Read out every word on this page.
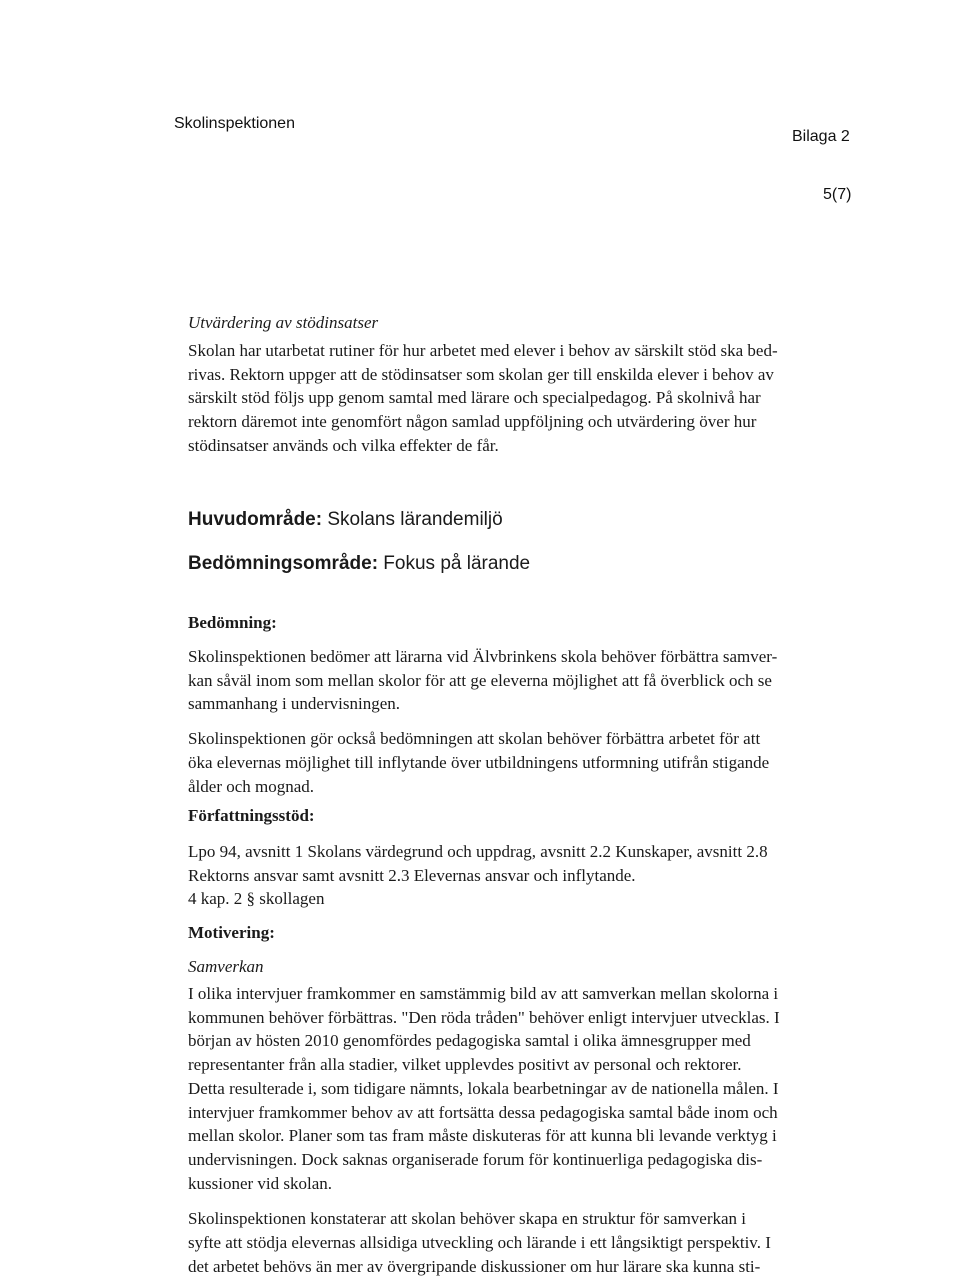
Skolinspektionen
Bilaga 2
5(7)

Utvärdering av stödinsatser

Skolan har utarbetat rutiner för hur arbetet med elever i behov av särskilt stöd ska bed-
rivas. Rektorn uppger att de stödinsatser som skolan ger till enskilda elever i behov av
särskilt stöd följs upp genom samtal med lärare och specialpedagog. På skolnivå har
rektorn däremot inte genomfört någon samlad uppföljning och utvärdering över hur
stödinsatser används och vilka effekter de får.

Huvudområde: Skolans lärandemiljö

Bedömningsområde: Fokus på lärande

Bedömning:

Skolinspektionen bedömer att lärarna vid Älvbrinkens skola behöver förbättra samver-
kan såväl inom som mellan skolor för att ge eleverna möjlighet att få överblick och se
sammanhang i undervisningen.

Skolinspektionen gör också bedömningen att skolan behöver förbättra arbetet för att
öka elevernas möjlighet till inflytande över utbildningens utformning utifrån stigande
ålder och mognad.

Författningsstöd:

Lpo 94, avsnitt 1 Skolans värdegrund och uppdrag, avsnitt 2.2 Kunskaper, avsnitt 2.8
Rektorns ansvar samt avsnitt 2.3 Elevernas ansvar och inflytande.
4 kap. 2 § skollagen

Motivering:

Samverkan

I olika intervjuer framkommer en samstämmig bild av att samverkan mellan skolorna i
kommunen behöver förbättras. "Den röda tråden" behöver enligt intervjuer utvecklas. I
början av hösten 2010 genomfördes pedagogiska samtal i olika ämnesgrupper med
representanter från alla stadier, vilket upplevdes positivt av personal och rektorer.
Detta resulterade i, som tidigare nämnts, lokala bearbetningar av de nationella målen. I
intervjuer framkommer behov av att fortsätta dessa pedagogiska samtal både inom och
mellan skolor. Planer som tas fram måste diskuteras för att kunna bli levande verktyg i
undervisningen. Dock saknas organiserade forum för kontinuerliga pedagogiska dis-
kussioner vid skolan.

Skolinspektionen konstaterar att skolan behöver skapa en struktur för samverkan i
syfte att stödja elevernas allsidiga utveckling och lärande i ett långsiktigt perspektiv. I
det arbetet behövs än mer av övergripande diskussioner om hur lärare ska kunna sti-
